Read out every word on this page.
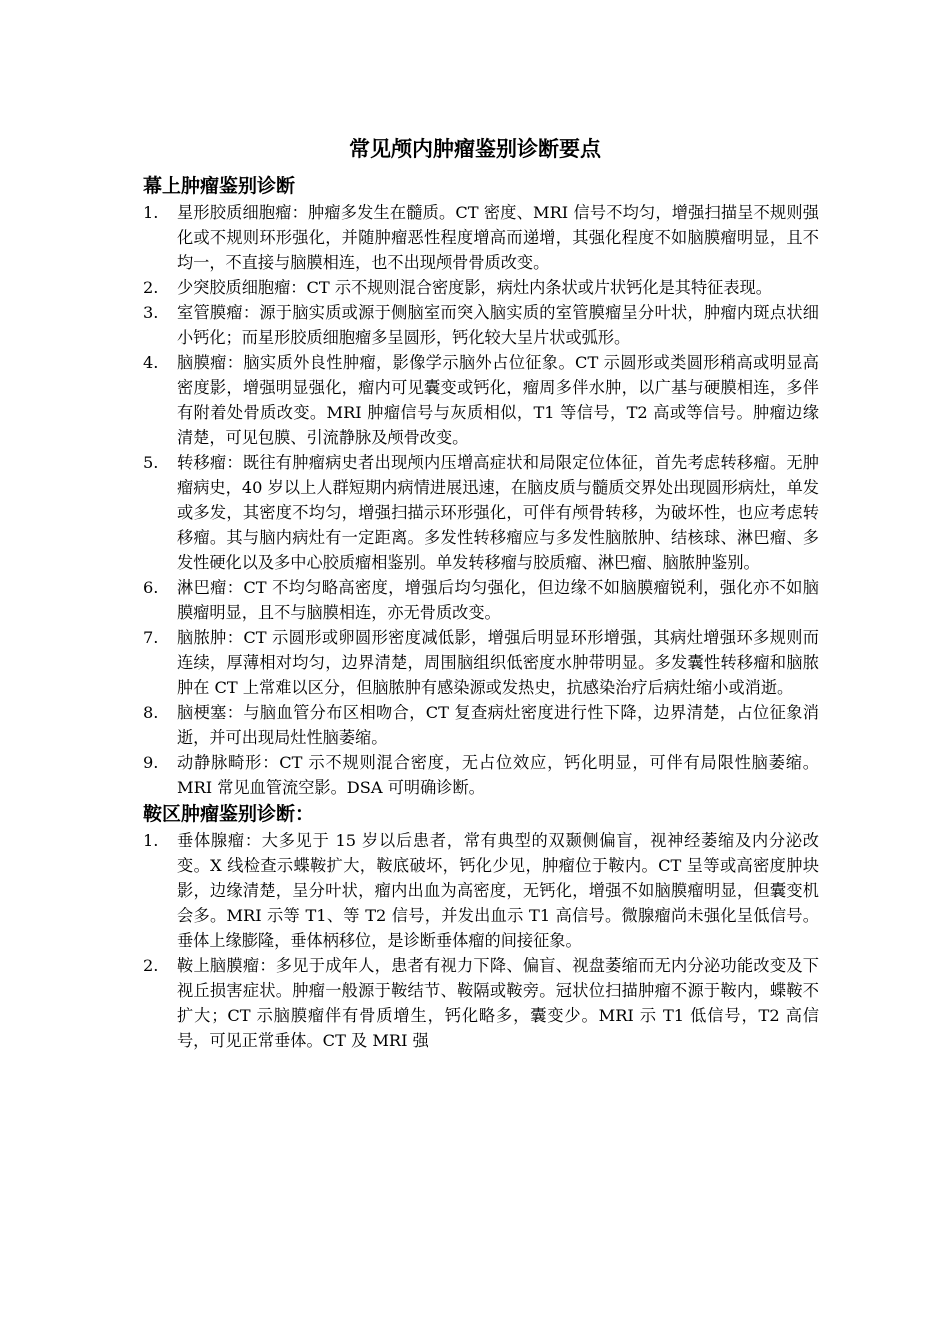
常见颅内肿瘤鉴别诊断要点
幕上肿瘤鉴别诊断
1. 星形胶质细胞瘤：肿瘤多发生在髓质。CT 密度、MRI 信号不均匀，增强扫描呈不规则强化或不规则环形强化，并随肿瘤恶性程度增高而递增，其强化程度不如脑膜瘤明显，且不均一，不直接与脑膜相连，也不出现颅骨骨质改变。
2. 少突胶质细胞瘤：CT 示不规则混合密度影，病灶内条状或片状钙化是其特征表现。
3. 室管膜瘤：源于脑实质或源于侧脑室而突入脑实质的室管膜瘤呈分叶状，肿瘤内斑点状细小钙化；而星形胶质细胞瘤多呈圆形，钙化较大呈片状或弧形。
4. 脑膜瘤：脑实质外良性肿瘤，影像学示脑外占位征象。CT 示圆形或类圆形稍高或明显高密度影，增强明显强化，瘤内可见囊变或钙化，瘤周多伴水肿，以广基与硬膜相连，多伴有附着处骨质改变。MRI 肿瘤信号与灰质相似，T1 等信号，T2 高或等信号。肿瘤边缘清楚，可见包膜、引流静脉及颅骨改变。
5. 转移瘤：既往有肿瘤病史者出现颅内压增高症状和局限定位体征，首先考虑转移瘤。无肿瘤病史，40 岁以上人群短期内病情进展迅速，在脑皮质与髓质交界处出现圆形病灶，单发或多发，其密度不均匀，增强扫描示环形强化，可伴有颅骨转移，为破坏性，也应考虑转移瘤。其与脑内病灶有一定距离。多发性转移瘤应与多发性脑脓肿、结核球、淋巴瘤、多发性硬化以及多中心胶质瘤相鉴别。单发转移瘤与胶质瘤、淋巴瘤、脑脓肿鉴别。
6. 淋巴瘤：CT 不均匀略高密度，增强后均匀强化，但边缘不如脑膜瘤锐利，强化亦不如脑膜瘤明显，且不与脑膜相连，亦无骨质改变。
7. 脑脓肿：CT 示圆形或卵圆形密度减低影，增强后明显环形增强，其病灶增强环多规则而连续，厚薄相对均匀，边界清楚，周围脑组织低密度水肿带明显。多发囊性转移瘤和脑脓肿在 CT 上常难以区分，但脑脓肿有感染源或发热史，抗感染治疗后病灶缩小或消逝。
8. 脑梗塞：与脑血管分布区相吻合，CT 复查病灶密度进行性下降，边界清楚，占位征象消逝，并可出现局灶性脑萎缩。
9. 动静脉畸形：CT 示不规则混合密度，无占位效应，钙化明显，可伴有局限性脑萎缩。MRI 常见血管流空影。DSA 可明确诊断。
鞍区肿瘤鉴别诊断：
1. 垂体腺瘤：大多见于 15 岁以后患者，常有典型的双颞侧偏盲，视神经萎缩及内分泌改变。X 线检查示蝶鞍扩大，鞍底破坏，钙化少见，肿瘤位于鞍内。CT 呈等或高密度肿块影，边缘清楚，呈分叶状，瘤内出血为高密度，无钙化，增强不如脑膜瘤明显，但囊变机会多。MRI 示等 T1、等 T2 信号，并发出血示 T1 高信号。微腺瘤尚未强化呈低信号。垂体上缘膨隆，垂体柄移位，是诊断垂体瘤的间接征象。
2. 鞍上脑膜瘤：多见于成年人，患者有视力下降、偏盲、视盘萎缩而无内分泌功能改变及下视丘损害症状。肿瘤一般源于鞍结节、鞍隔或鞍旁。冠状位扫描肿瘤不源于鞍内，蝶鞍不扩大；CT 示脑膜瘤伴有骨质增生，钙化略多，囊变少。MRI 示 T1 低信号，T2 高信号，可见正常垂体。CT 及 MRI 强
